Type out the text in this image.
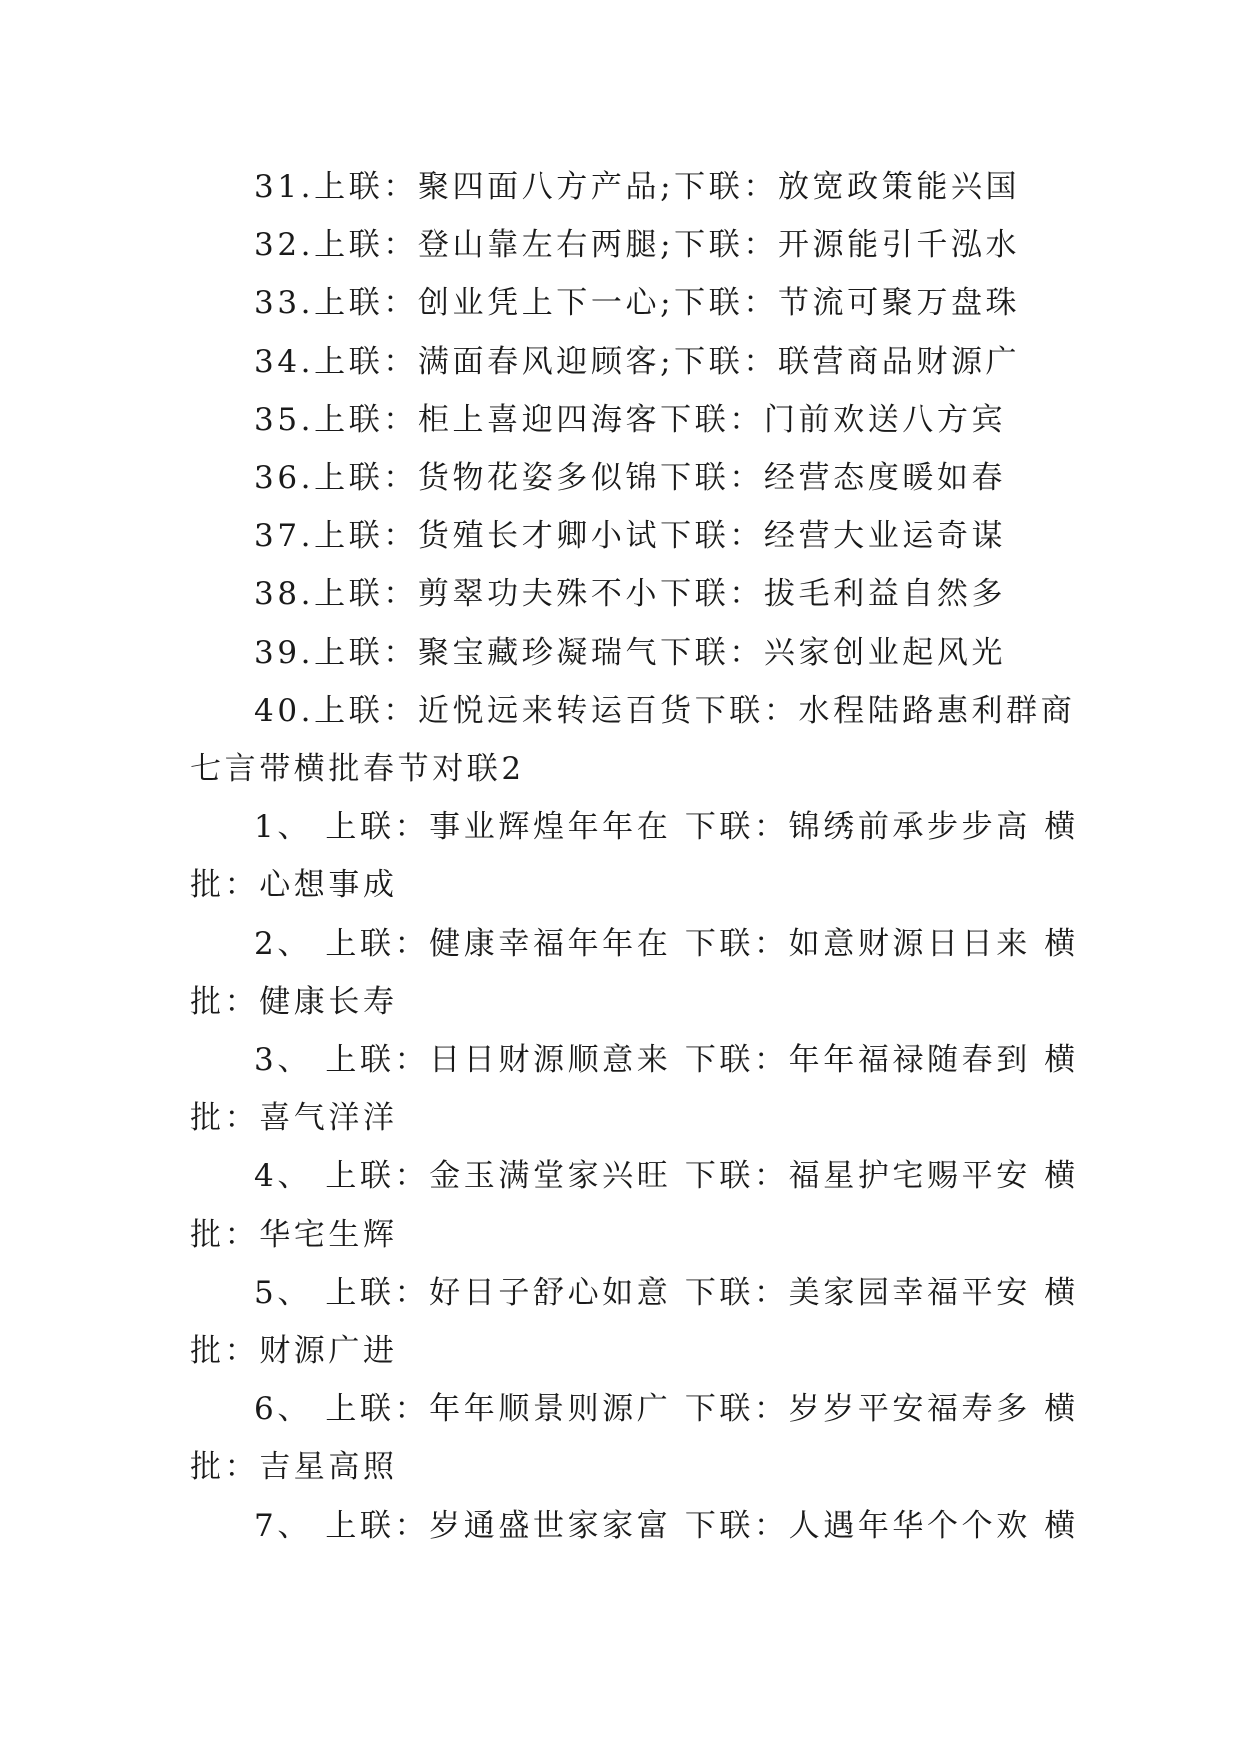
31.上联：聚四面八方产品;下联：放宽政策能兴国
32.上联：登山靠左右两腿;下联：开源能引千泓水
33.上联：创业凭上下一心;下联：节流可聚万盘珠
34.上联：满面春风迎顾客;下联：联营商品财源广
35.上联：柜上喜迎四海客下联：门前欢送八方宾
36.上联：货物花姿多似锦下联：经营态度暖如春
37.上联：货殖长才卿小试下联：经营大业运奇谋
38.上联：剪翠功夫殊不小下联：拔毛利益自然多
39.上联：聚宝藏珍凝瑞气下联：兴家创业起风光
40.上联：近悦远来转运百货下联：水程陆路惠利群商
七言带横批春节对联2
1、 上联：事业辉煌年年在 下联：锦绣前承步步高 横
批：心想事成
2、 上联：健康幸福年年在 下联：如意财源日日来 横
批：健康长寿
3、 上联：日日财源顺意来 下联：年年福禄随春到 横
批：喜气洋洋
4、 上联：金玉满堂家兴旺 下联：福星护宅赐平安 横
批：华宅生辉
5、 上联：好日子舒心如意 下联：美家园幸福平安 横
批：财源广进
6、 上联：年年顺景则源广 下联：岁岁平安福寿多 横
批：吉星高照
7、 上联：岁通盛世家家富 下联：人遇年华个个欢 横
